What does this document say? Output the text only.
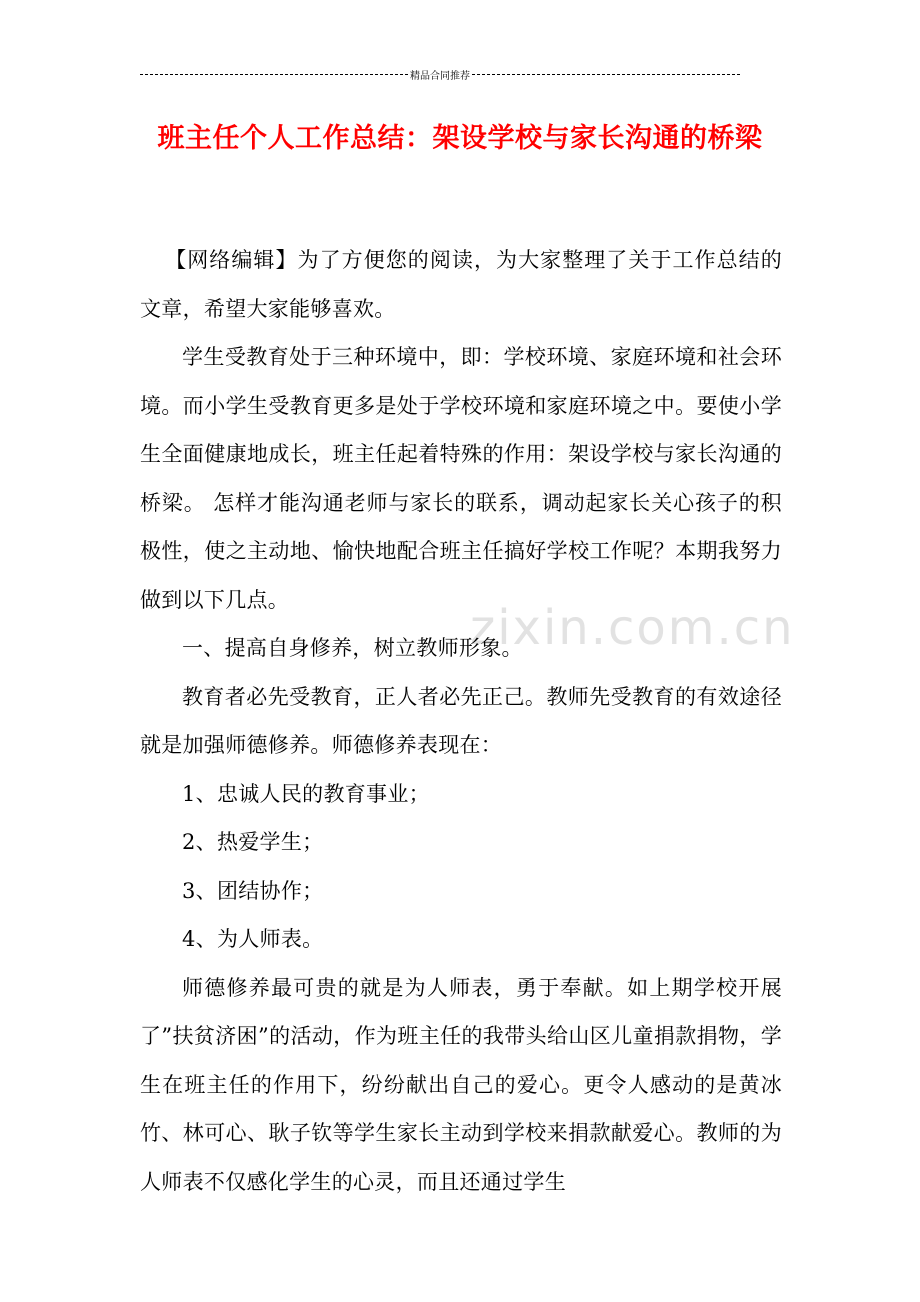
精品合同推荐
班主任个人工作总结：架设学校与家长沟通的桥梁
zixin.com.cn

【网络编辑】为了方便您的阅读，为大家整理了关于工作总结的文章，希望大家能够喜欢。

学生受教育处于三种环境中，即：学校环境、家庭环境和社会环境。而小学生受教育更多是处于学校环境和家庭环境之中。要使小学生全面健康地成长，班主任起着特殊的作用：架设学校与家长沟通的桥梁。 怎样才能沟通老师与家长的联系，调动起家长关心孩子的积极性，使之主动地、愉快地配合班主任搞好学校工作呢？本期我努力做到以下几点。

一、提高自身修养，树立教师形象。

教育者必先受教育，正人者必先正己。教师先受教育的有效途径就是加强师德修养。师德修养表现在：

1、忠诚人民的教育事业；

2、热爱学生；

3、团结协作；

4、为人师表。

师德修养最可贵的就是为人师表，勇于奉献。如上期学校开展了”扶贫济困”的活动，作为班主任的我带头给山区儿童捐款捐物，学生在班主任的作用下，纷纷献出自己的爱心。更令人感动的是黄冰竹、林可心、耿子钦等学生家长主动到学校来捐款献爱心。教师的为人师表不仅感化学生的心灵，而且还通过学生
